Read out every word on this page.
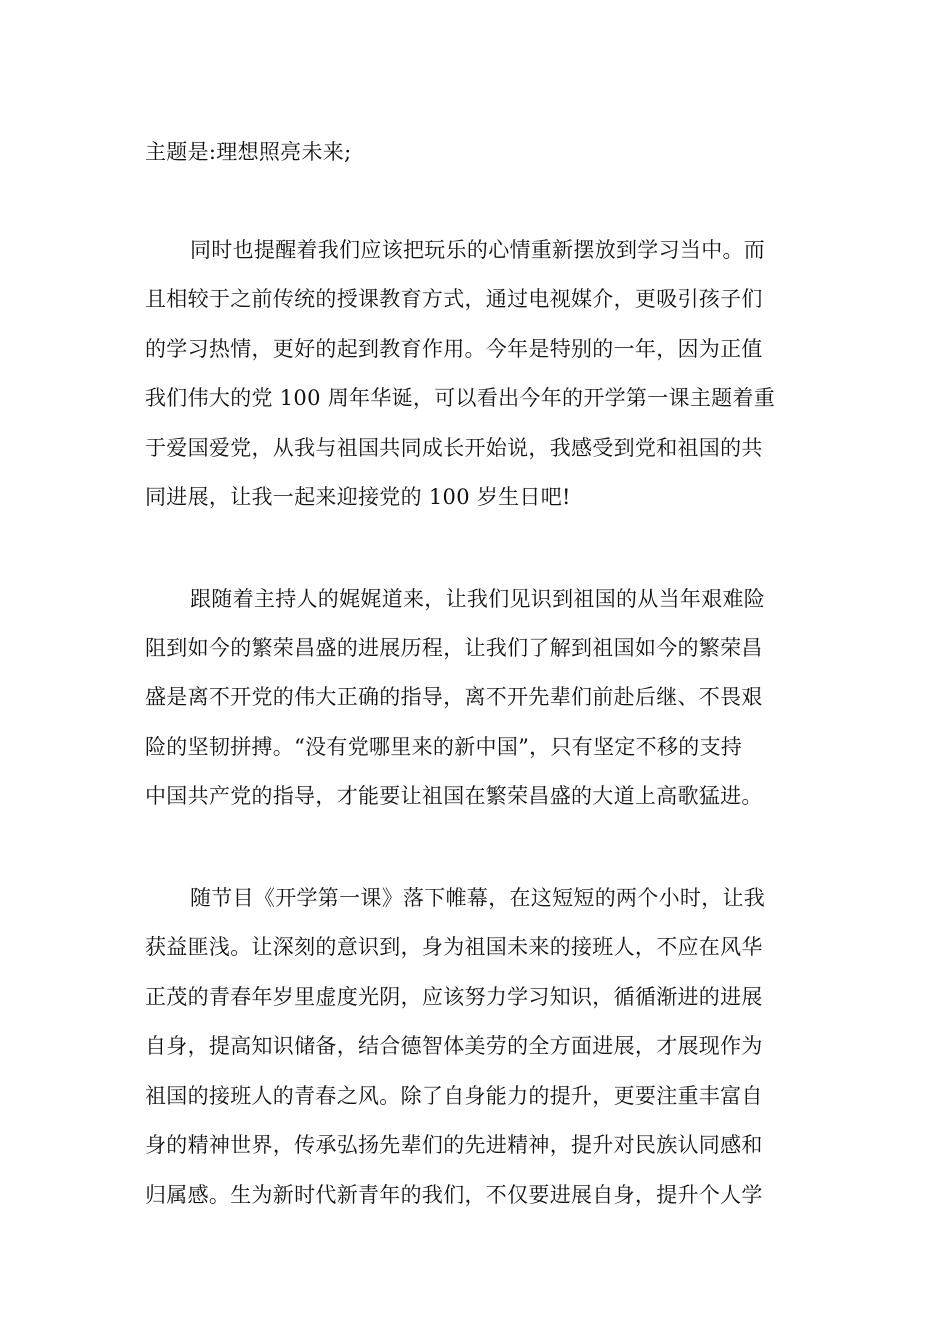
主题是:理想照亮未来;

同时也提醒着我们应该把玩乐的心情重新摆放到学习当中。而

且相较于之前传统的授课教育方式，通过电视媒介，更吸引孩子们

的学习热情，更好的起到教育作用。今年是特别的一年，因为正值

我们伟大的党 100 周年华诞，可以看出今年的开学第一课主题着重

于爱国爱党，从我与祖国共同成长开始说，我感受到党和祖国的共

同进展，让我一起来迎接党的 100 岁生日吧!

跟随着主持人的娓娓道来，让我们见识到祖国的从当年艰难险

阻到如今的繁荣昌盛的进展历程，让我们了解到祖国如今的繁荣昌

盛是离不开党的伟大正确的指导，离不开先辈们前赴后继、不畏艰

险的坚韧拼搏。“没有党哪里来的新中国”，只有坚定不移的支持

中国共产党的指导，才能要让祖国在繁荣昌盛的大道上高歌猛进。

随节目《开学第一课》落下帷幕，在这短短的两个小时，让我

获益匪浅。让深刻的意识到，身为祖国未来的接班人，不应在风华

正茂的青春年岁里虚度光阴，应该努力学习知识，循循渐进的进展

自身，提高知识储备，结合德智体美劳的全方面进展，才展现作为

祖国的接班人的青春之风。除了自身能力的提升，更要注重丰富自

身的精神世界，传承弘扬先辈们的先进精神，提升对民族认同感和

归属感。生为新时代新青年的我们，不仅要进展自身，提升个人学
